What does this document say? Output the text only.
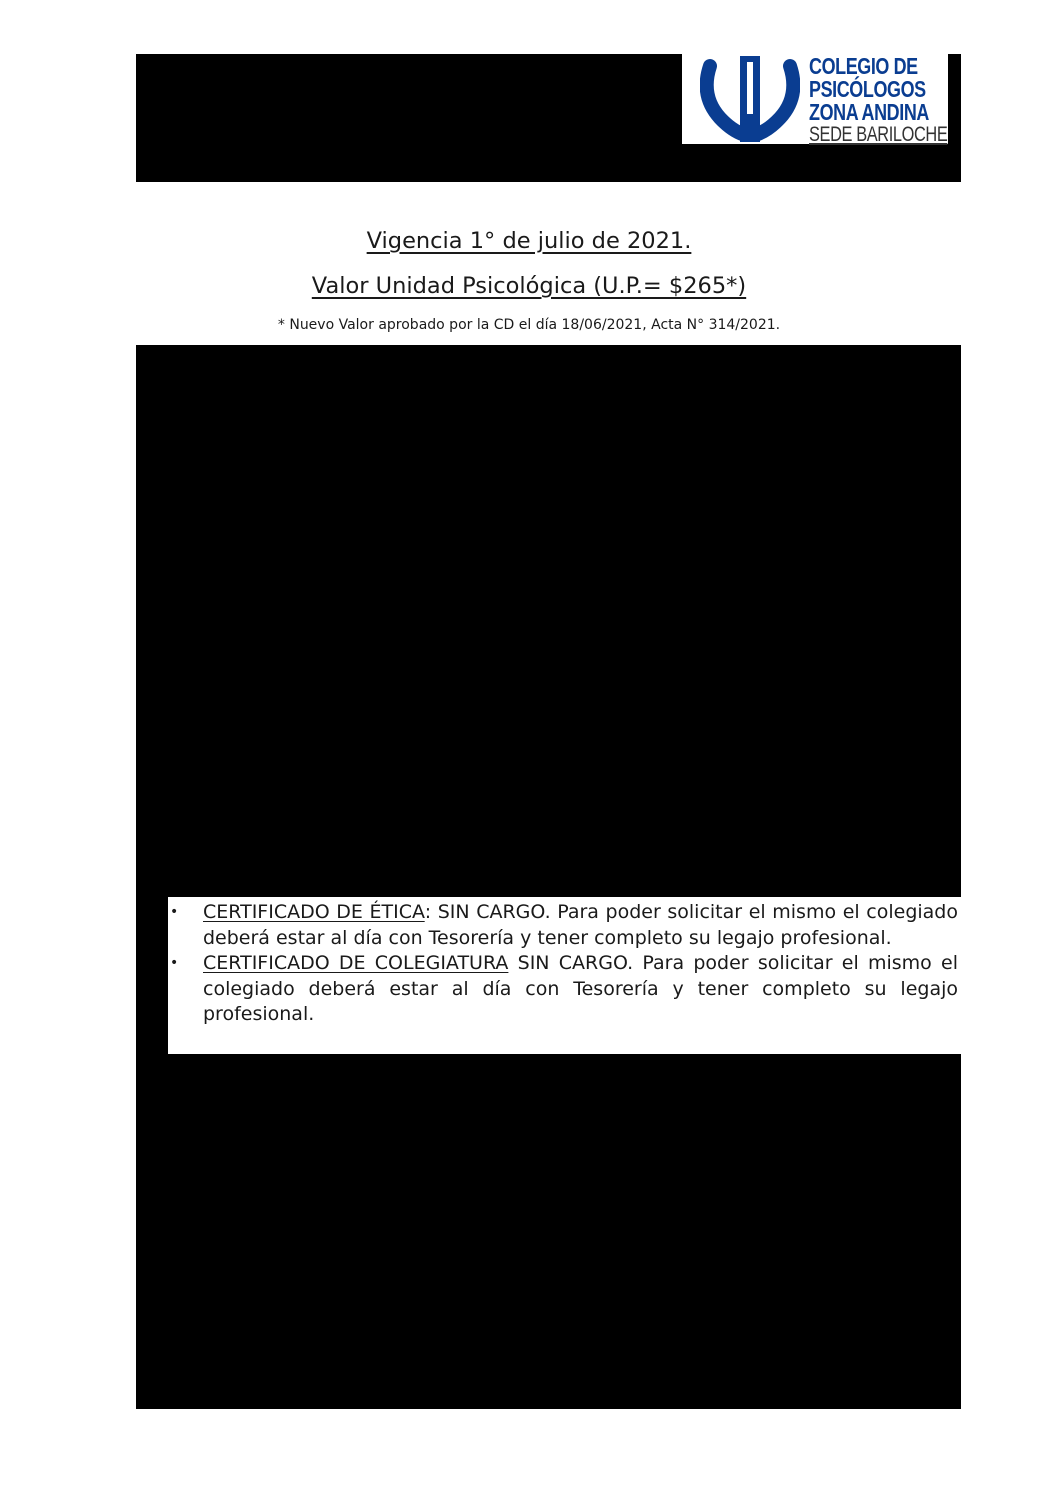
COLEGIO DE
PSICÓLOGOS
ZONA ANDINA
SEDE BARILOCHE
Vigencia 1° de julio de 2021.
Valor Unidad Psicológica (U.P.= $265*)
* Nuevo Valor aprobado por la CD el día 18/06/2021, Acta N° 314/2021.
• CERTIFICADO DE ÉTICA: SIN CARGO. Para poder solicitar el mismo el colegiado deberá estar al día con Tesorería y tener completo su legajo profesional.
• CERTIFICADO DE COLEGIATURA SIN CARGO. Para poder solicitar el mismo el colegiado deberá estar al día con Tesorería y tener completo su legajo profesional.
